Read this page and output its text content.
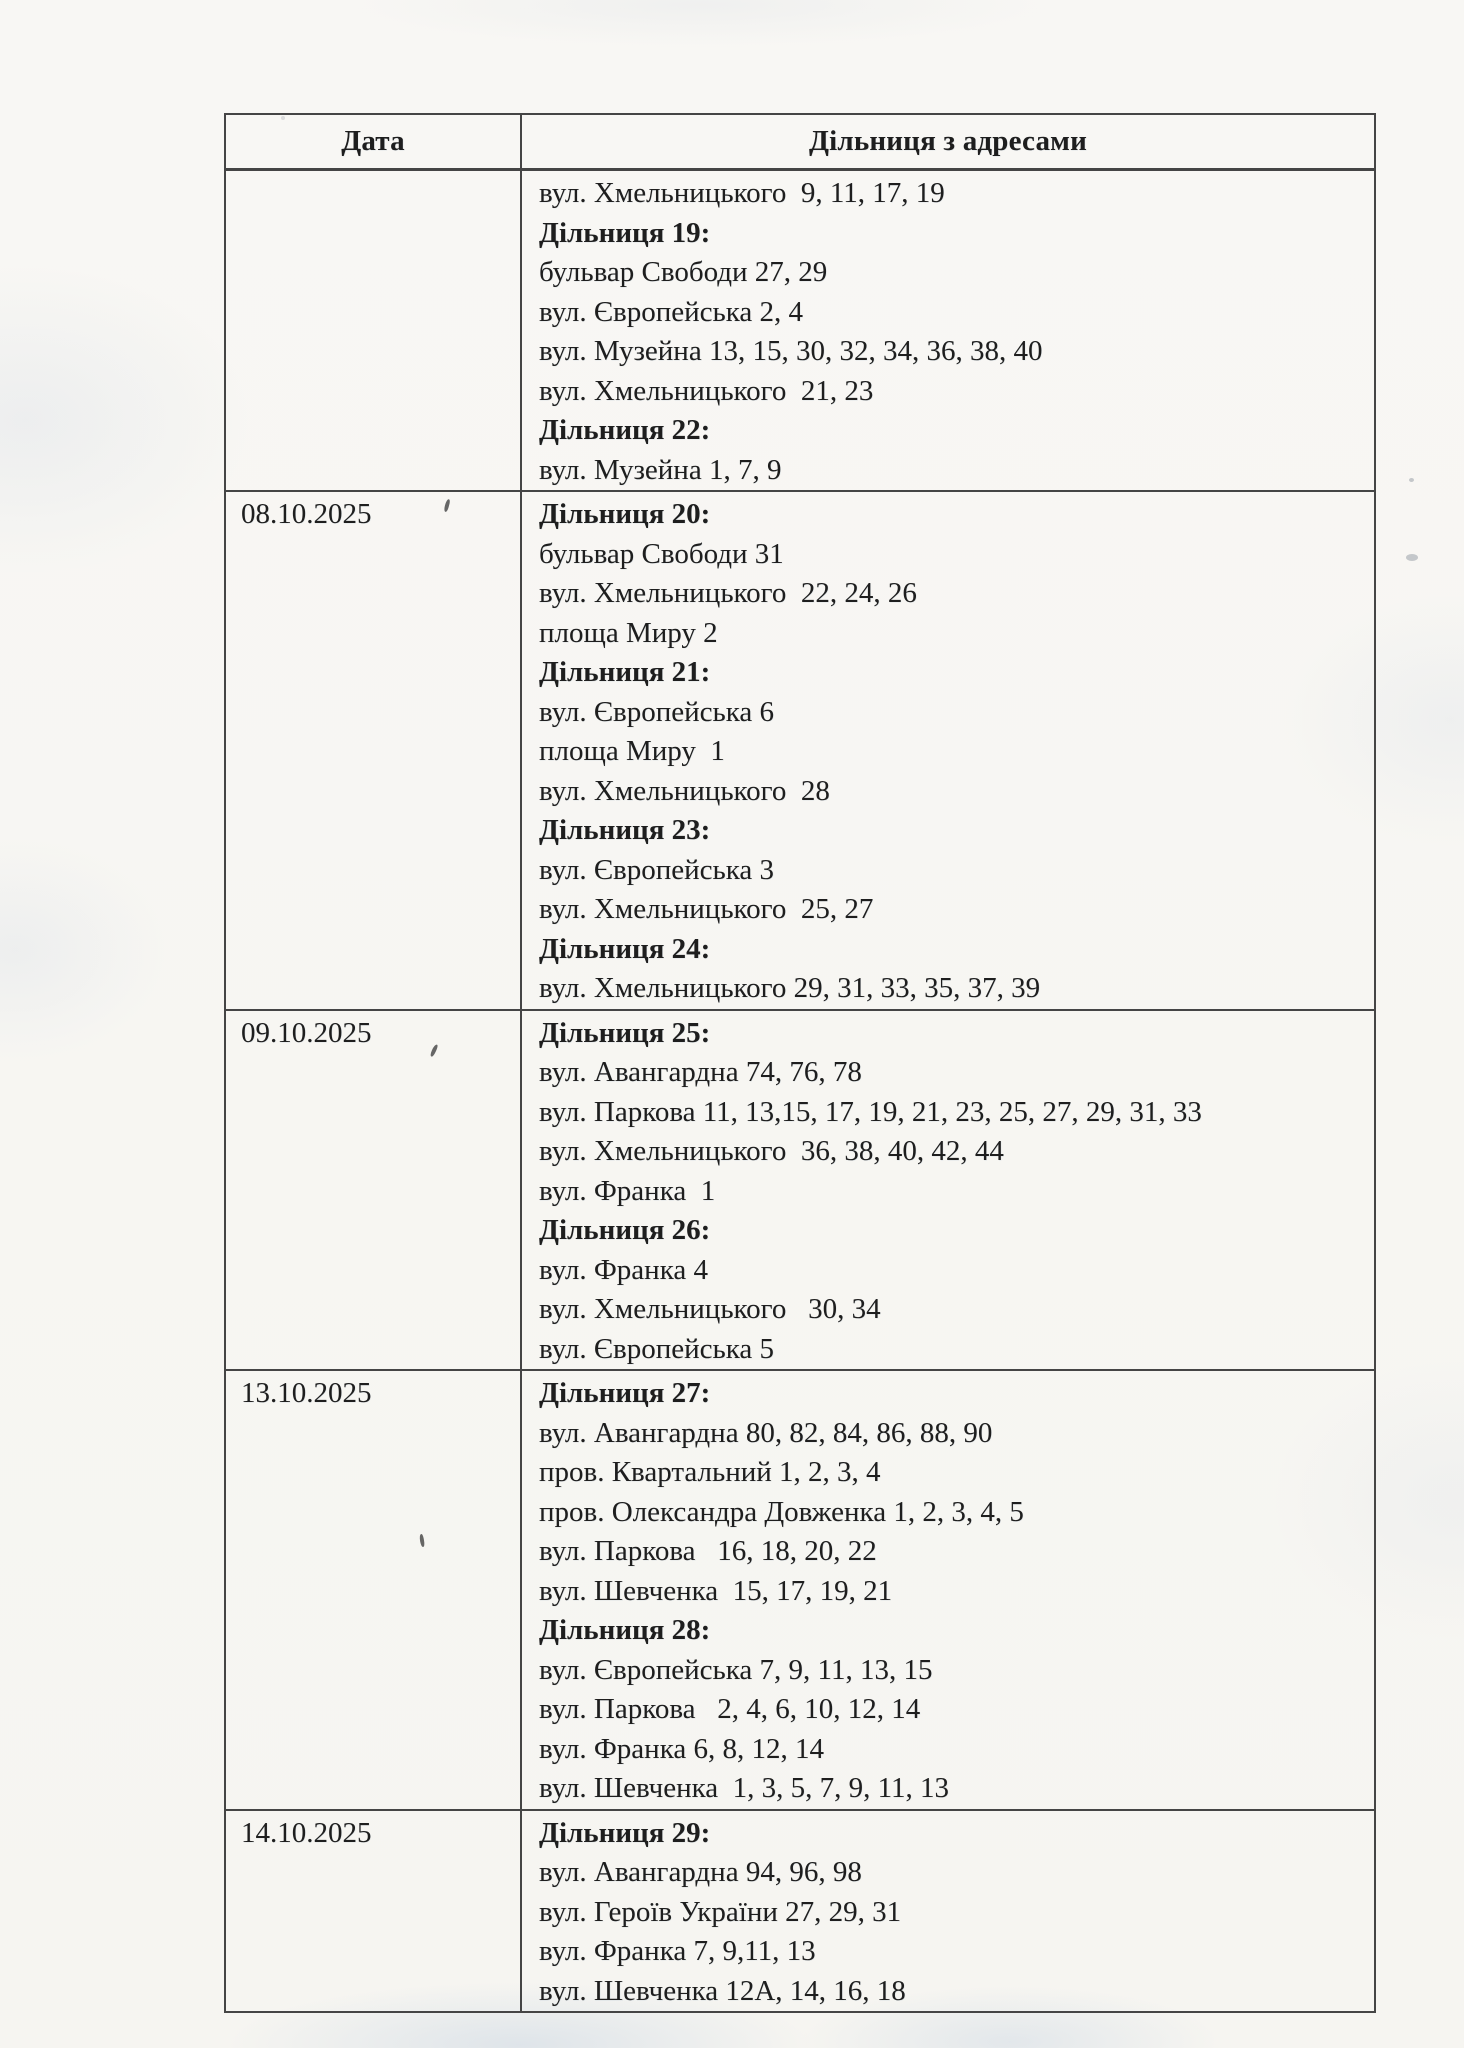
Дата	Дільниця з адресами

вул. Хмельницького  9, 11, 17, 19
Дільниця 19:
бульвар Свободи 27, 29
вул. Європейська 2, 4
вул. Музейна 13, 15, 30, 32, 34, 36, 38, 40
вул. Хмельницького  21, 23
Дільниця 22:
вул. Музейна 1, 7, 9

08.10.2025	Дільниця 20:
бульвар Свободи 31
вул. Хмельницького  22, 24, 26
площа Миру 2
Дільниця 21:
вул. Європейська 6
площа Миру  1
вул. Хмельницького  28
Дільниця 23:
вул. Європейська 3
вул. Хмельницького  25, 27
Дільниця 24:
вул. Хмельницького 29, 31, 33, 35, 37, 39

09.10.2025	Дільниця 25:
вул. Авангардна 74, 76, 78
вул. Паркова 11, 13,15, 17, 19, 21, 23, 25, 27, 29, 31, 33
вул. Хмельницького  36, 38, 40, 42, 44
вул. Франка  1
Дільниця 26:
вул. Франка 4
вул. Хмельницького   30, 34
вул. Європейська 5

13.10.2025	Дільниця 27:
вул. Авангардна 80, 82, 84, 86, 88, 90
пров. Квартальний 1, 2, 3, 4
пров. Олександра Довженка 1, 2, 3, 4, 5
вул. Паркова   16, 18, 20, 22
вул. Шевченка  15, 17, 19, 21
Дільниця 28:
вул. Європейська 7, 9, 11, 13, 15
вул. Паркова   2, 4, 6, 10, 12, 14
вул. Франка 6, 8, 12, 14
вул. Шевченка  1, 3, 5, 7, 9, 11, 13

14.10.2025	Дільниця 29:
вул. Авангардна 94, 96, 98
вул. Героїв України 27, 29, 31
вул. Франка 7, 9,11, 13
вул. Шевченка 12А, 14, 16, 18
